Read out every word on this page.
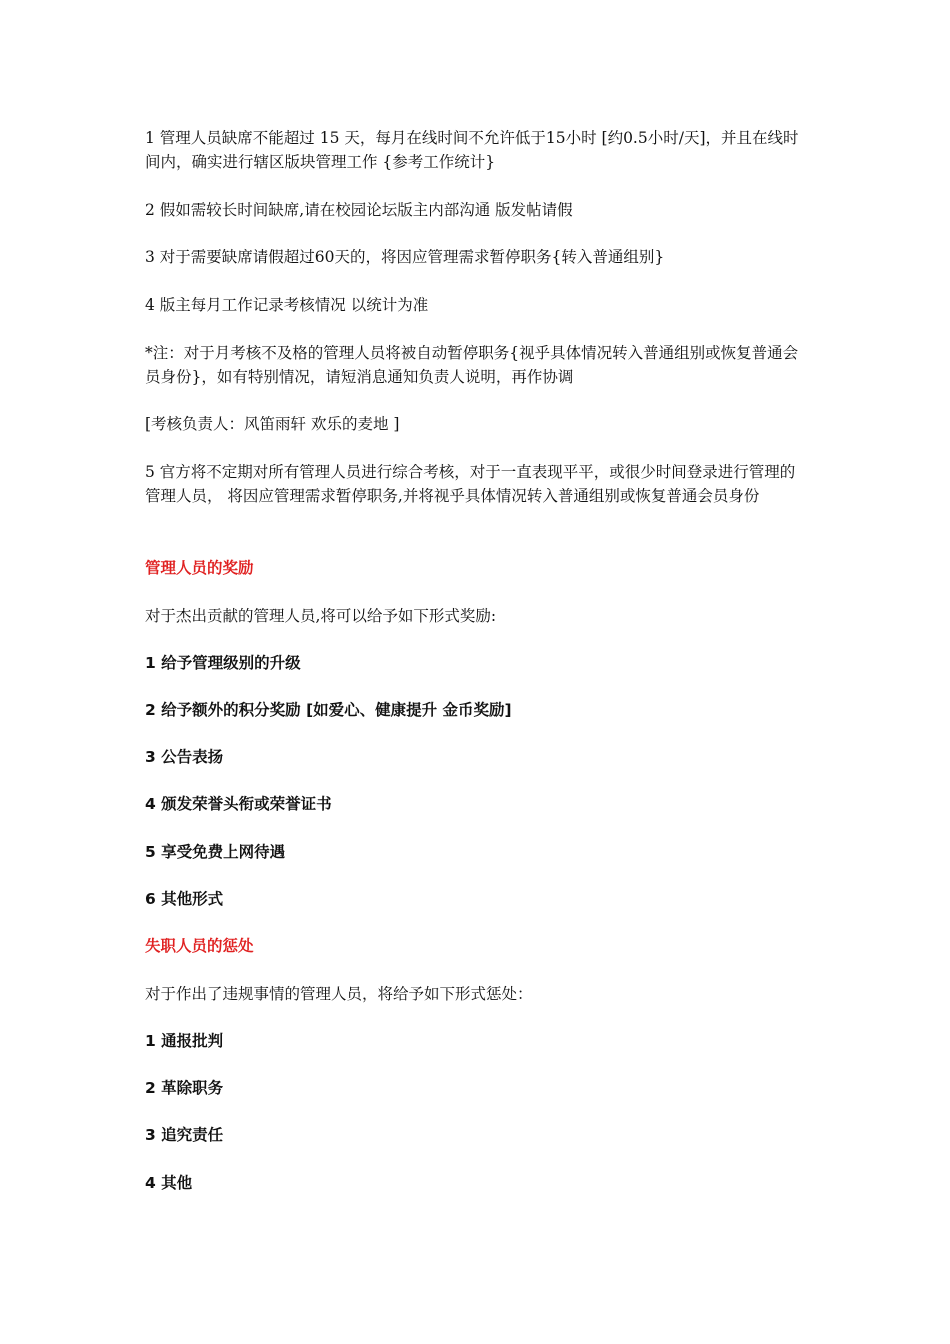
1 管理人员缺席不能超过 15 天，每月在线时间不允许低于15小时 [约0.5小时/天]，并且在线时间内，确实进行辖区版块管理工作 {参考工作统计}

2 假如需较长时间缺席,请在校园论坛版主内部沟通 版发帖请假

3 对于需要缺席请假超过60天的，将因应管理需求暂停职务{转入普通组别}

4 版主每月工作记录考核情况 以统计为准

*注：对于月考核不及格的管理人员将被自动暂停职务{视乎具体情况转入普通组别或恢复普通会员身份}，如有特别情况，请短消息通知负责人说明，再作协调

[考核负责人：风笛雨轩 欢乐的麦地 ]

5 官方将不定期对所有管理人员进行综合考核，对于一直表现平平，或很少时间登录进行管理的管理人员， 将因应管理需求暂停职务,并将视乎具体情况转入普通组别或恢复普通会员身份

管理人员的奖励

对于杰出贡献的管理人员,将可以给予如下形式奖励:

1 给予管理级别的升级

2 给予额外的积分奖励 [如爱心、健康提升 金币奖励]

3 公告表扬

4 颁发荣誉头衔或荣誉证书

5 享受免费上网待遇

6 其他形式

失职人员的惩处

对于作出了违规事情的管理人员，将给予如下形式惩处：

1 通报批判

2 革除职务

3 追究责任

4 其他
